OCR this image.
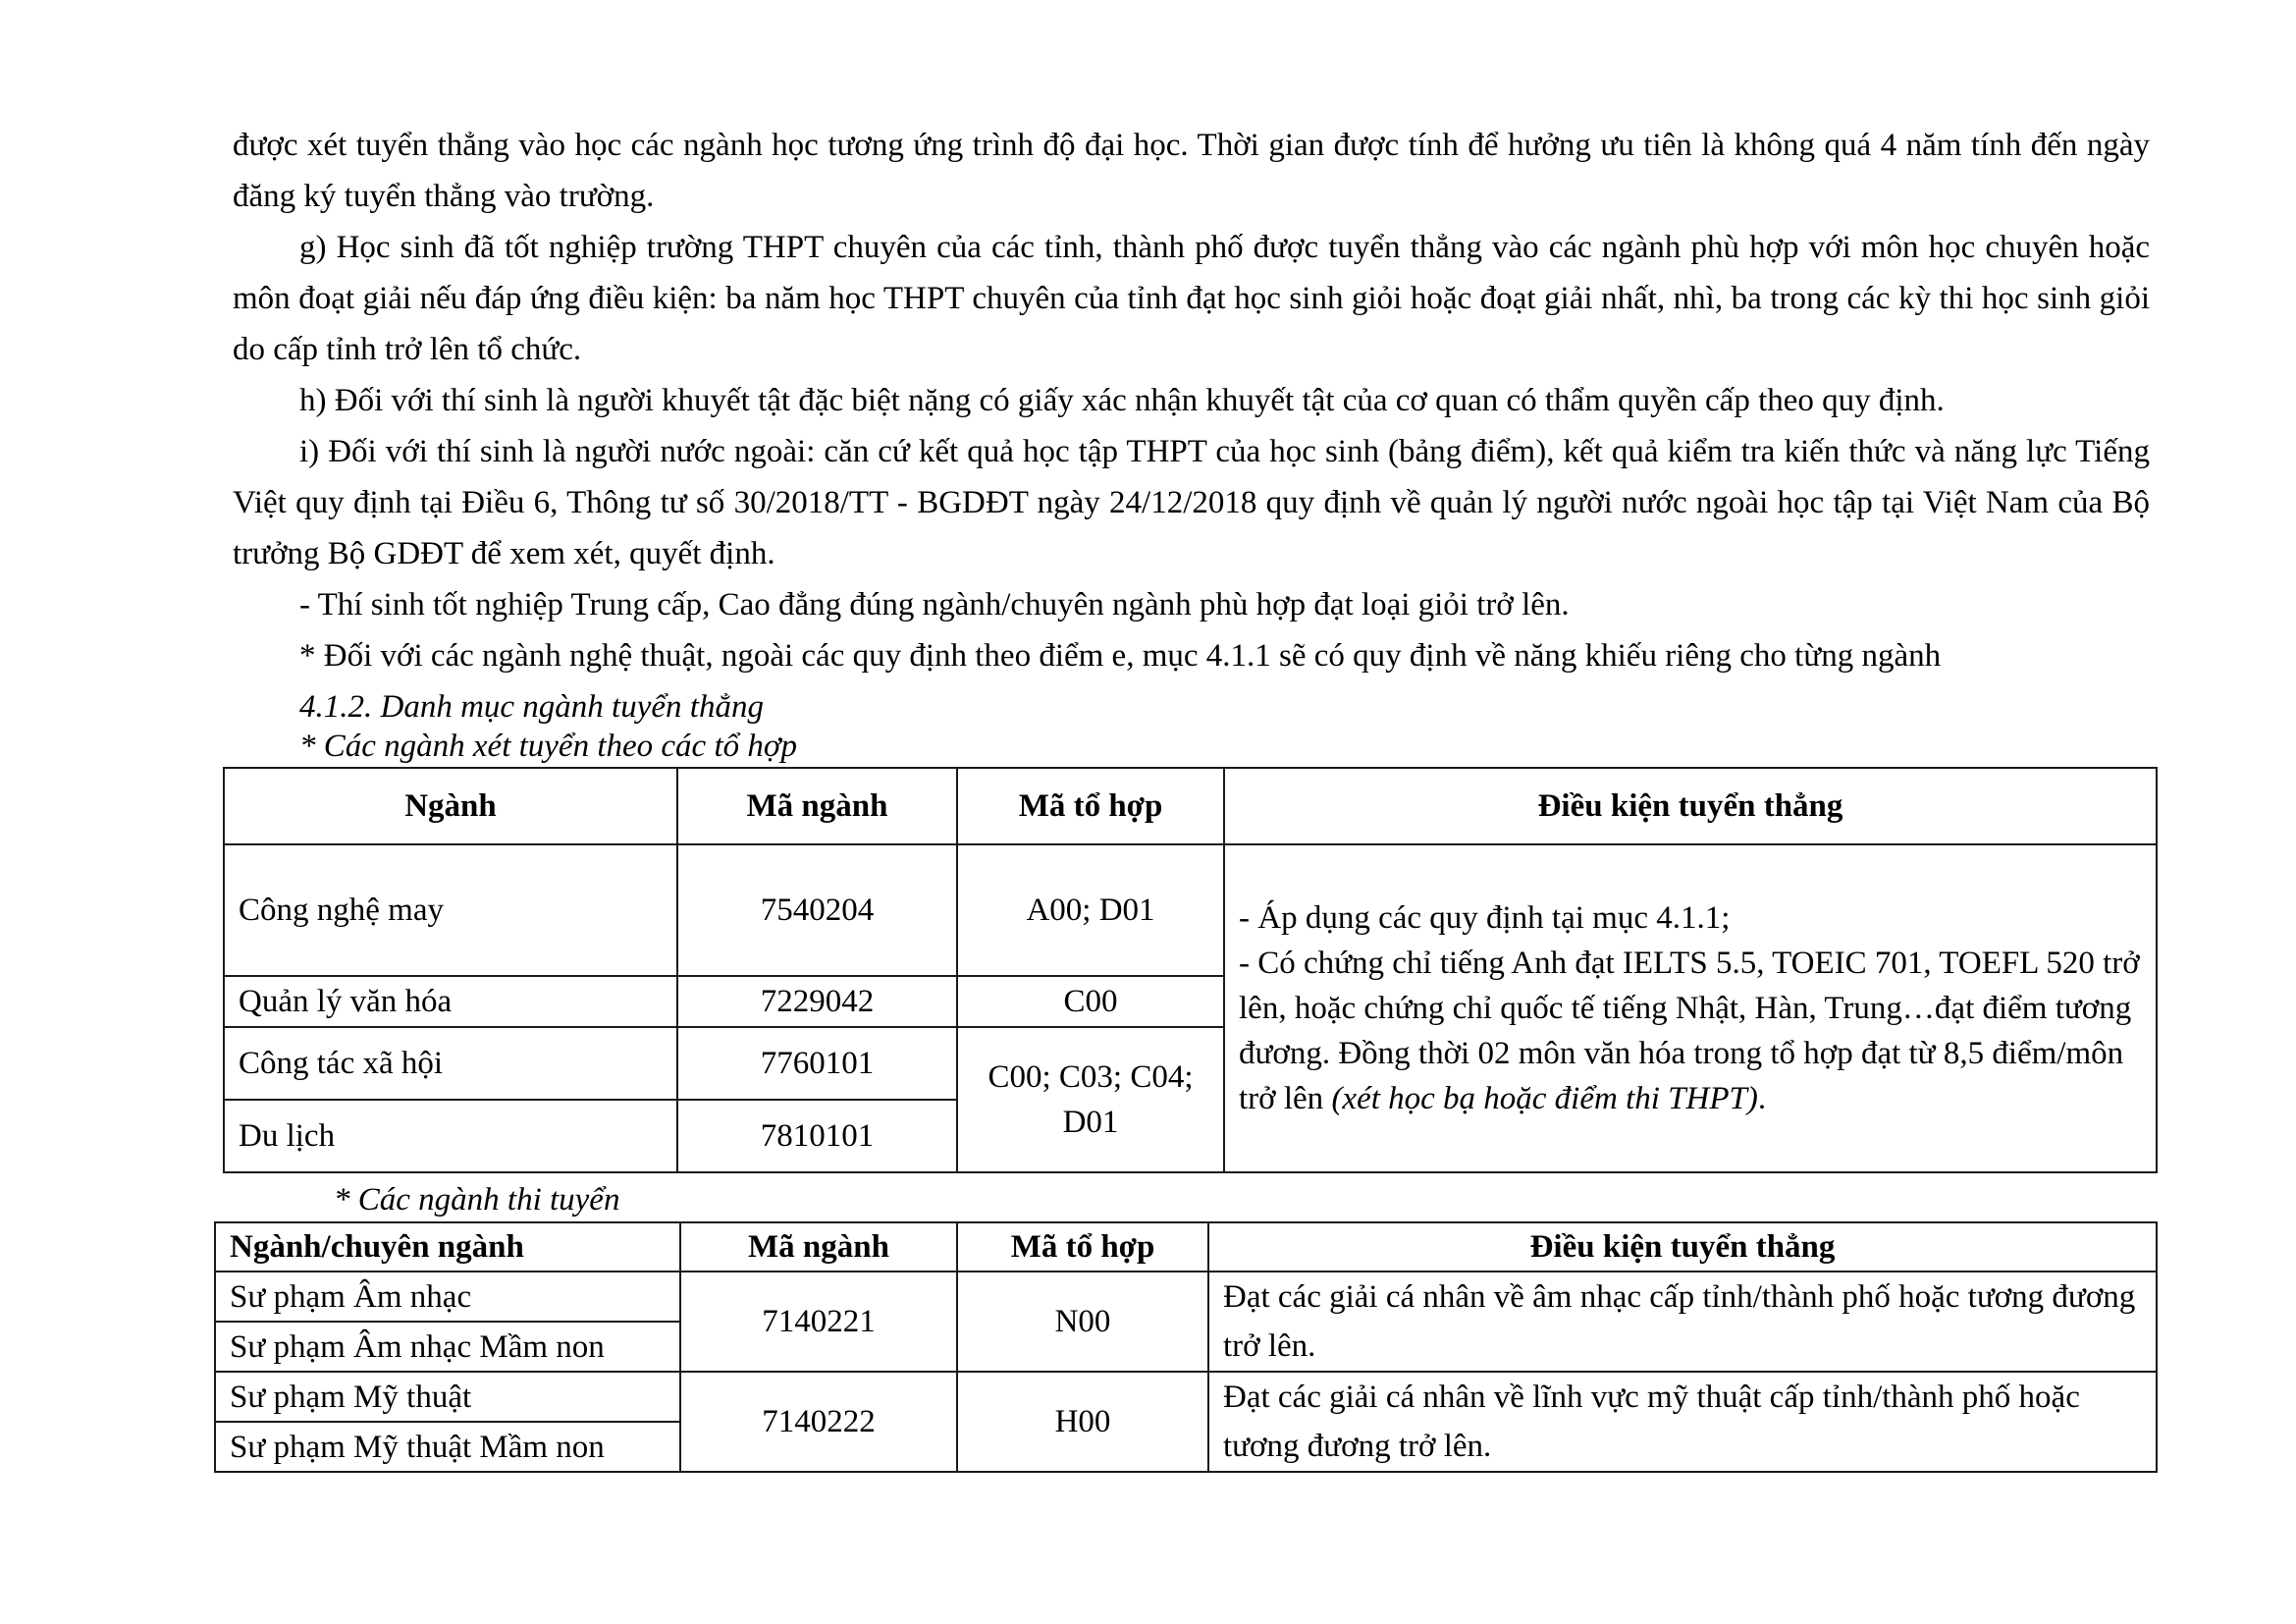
được xét tuyển thẳng vào học các ngành học tương ứng trình độ đại học. Thời gian được tính để hưởng ưu tiên là không quá 4 năm tính đến ngày đăng ký tuyển thẳng vào trường.

g) Học sinh đã tốt nghiệp trường THPT chuyên của các tỉnh, thành phố được tuyển thẳng vào các ngành phù hợp với môn học chuyên hoặc môn đoạt giải nếu đáp ứng điều kiện: ba năm học THPT chuyên của tỉnh đạt học sinh giỏi hoặc đoạt giải nhất, nhì, ba trong các kỳ thi học sinh giỏi do cấp tỉnh trở lên tổ chức.

h) Đối với thí sinh là người khuyết tật đặc biệt nặng có giấy xác nhận khuyết tật của cơ quan có thẩm quyền cấp theo quy định.

i) Đối với thí sinh là người nước ngoài: căn cứ kết quả học tập THPT của học sinh (bảng điểm), kết quả kiểm tra kiến thức và năng lực Tiếng Việt quy định tại Điều 6, Thông tư số 30/2018/TT - BGDĐT ngày 24/12/2018 quy định về quản lý người nước ngoài học tập tại Việt Nam của Bộ trưởng Bộ GDĐT để xem xét, quyết định.

- Thí sinh tốt nghiệp Trung cấp, Cao đẳng đúng ngành/chuyên ngành phù hợp đạt loại giỏi trở lên.

* Đối với các ngành nghệ thuật, ngoài các quy định theo điểm e, mục 4.1.1 sẽ có quy định về năng khiếu riêng cho từng ngành

4.1.2. Danh mục ngành tuyển thẳng

* Các ngành xét tuyển theo các tổ hợp

Ngành	Mã ngành	Mã tổ hợp	Điều kiện tuyển thẳng
Công nghệ may	7540204	A00; D01	- Áp dụng các quy định tại mục 4.1.1;
- Có chứng chỉ tiếng Anh đạt IELTS 5.5, TOEIC 701, TOEFL 520 trở lên, hoặc chứng chỉ quốc tế tiếng Nhật, Hàn, Trung…đạt điểm tương đương. Đồng thời 02 môn văn hóa trong tổ hợp đạt từ 8,5 điểm/môn trở lên (xét học bạ hoặc điểm thi THPT).

Quản lý văn hóa	7229042	C00	
Công tác xã hội	7760101	C00; C03; C04; D01	
Du lịch	7810101		

* Các ngành thi tuyển

Ngành/chuyên ngành	Mã ngành	Mã tổ hợp	Điều kiện tuyển thẳng
Sư phạm Âm nhạc	7140221	N00	Đạt các giải cá nhân về âm nhạc cấp tỉnh/thành phố hoặc tương đương trở lên.
Sư phạm Âm nhạc Mầm non			
Sư phạm Mỹ thuật	7140222	H00	Đạt các giải cá nhân về lĩnh vực mỹ thuật cấp tỉnh/thành phố hoặc tương đương trở lên.
Sư phạm Mỹ thuật Mầm non			
